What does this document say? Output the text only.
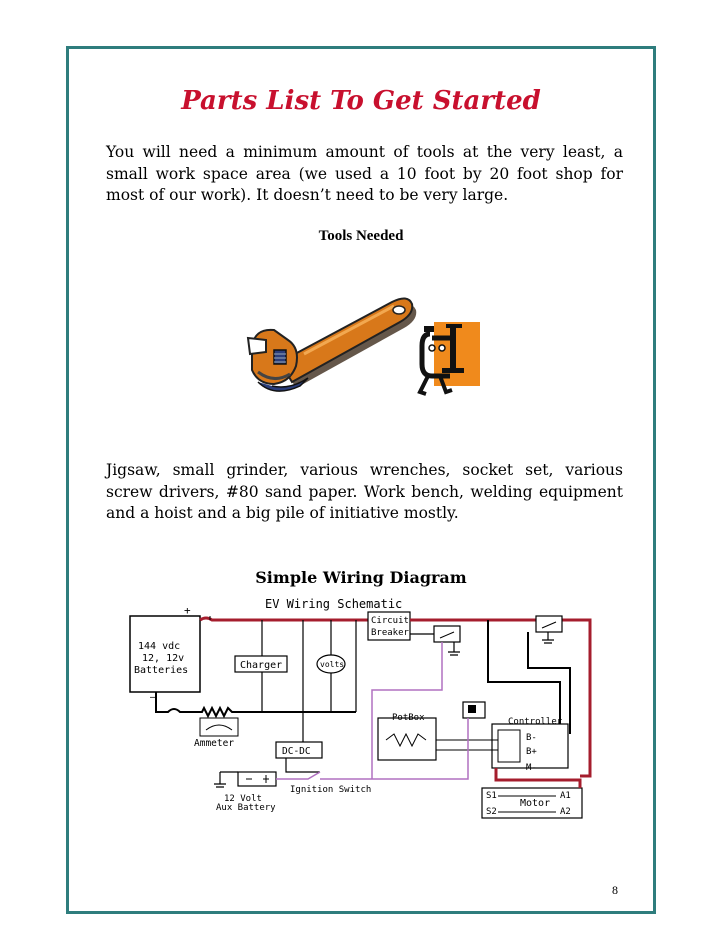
Parts List To Get Started
You will need a minimum amount of tools at the very least, a small work space area (we used a 10 foot by 20 foot shop for most of our work). It doesn’t need to be very large.
Tools Needed
Jigsaw, small grinder, various wrenches, socket set, various screw drivers, #80 sand paper. Work bench, welding equipment and a hoist and a big pile of initiative mostly.
Simple Wiring Diagram
EV Wiring Schematic
+
—
144 vdc
12, 12v
Batteries	Charger	volts
Ammeter
Circuit
Breaker
PotBox	Controller
B-
B+
M-
DC-DC
12 Volt
Aux Battery
Ignition Switch
S1
S2
A1
A2
Motor
8
